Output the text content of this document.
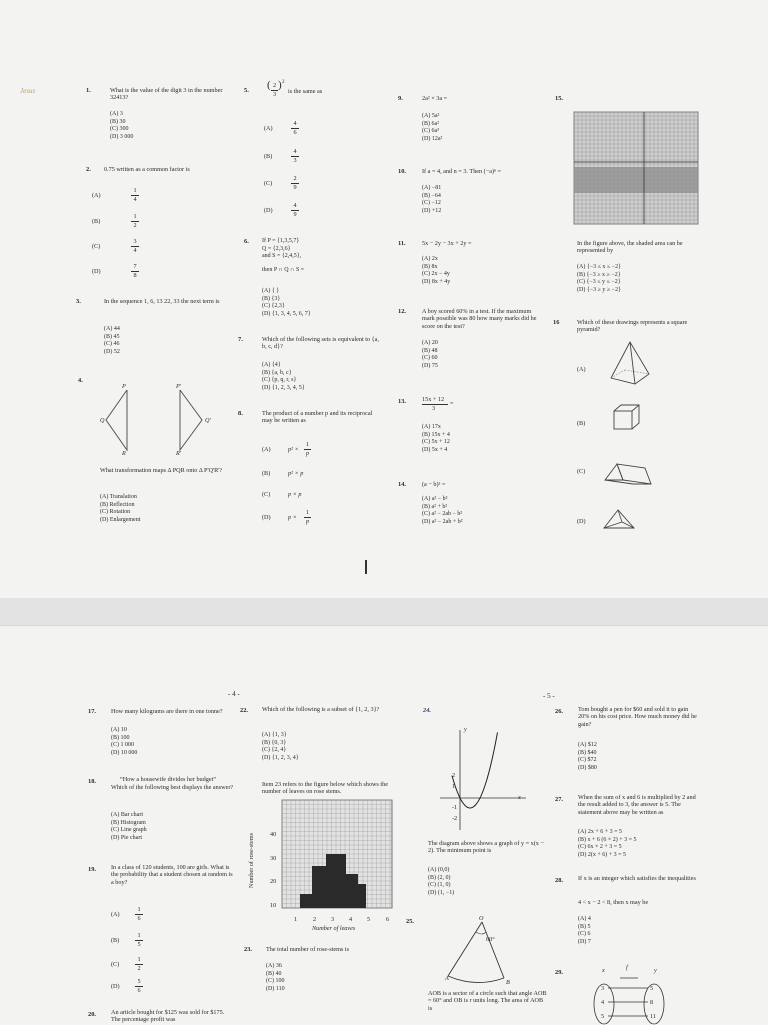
Jesus	1.	What is the value of the digit 3 in the number 32413?
(A) 3
(B) 30
(C) 300
(D) 3 000
2. 0.75 written as a common factor is
(A)
1
4
(B)
1
2
(C)
3
4
(D)
7
8
3.	In the sequence 1, 6, 13 22, 33 the next term is
(A) 44
(B) 45
(C) 46
(D) 52
4.
P
Q
R
P'
Q'
R'
What transformation maps Δ PQR onto Δ P'Q'R'?
(A) Translation
(B) Reflection
(C) Rotation
(D) Enlargement
5. ( 2
3
) 2
is the same as
(A)
4
6
(B)
4
3
(C)
2
9
(D)
4
9
6. If P = {1,3,5,7}
Q = {2,3,6}
and S = {2,4,5},
then P ∩ Q ∩ S =
(A) { }
(B) {3}
(C) {2,3}
(D) {1, 3, 4, 5, 6, 7}
7.	Which of the following sets is equivalent to {a, b, c, d}?
(A) {4}
(B) {a, b, c}
(C) {p, q, r, s}
(D) {1, 2, 3, 4, 5}
8.	The product of a number p and its reciprocal may be written as
(A)	p² ×
1
p
(B)	p² × p
(C)	p × p
(D)	p ×
1
p
9.	2a² × 3a =
(A) 5a²
(B) 6a²
(C) 6a³
(D) 12a²
10.	If a = 4, and n = 3. Then (−a)ⁿ =
(A) −81
(B) −64
(C) −12
(D) +12
11.	5x − 2y − 3x + 2y =
(A) 2x
(B) 8x
(C) 2x − 4y
(D) 8x + 4y
12.	A boy scored 60% in a test. If the maximum mark possible was 80 how many marks did he score on the test?
(A) 20
(B) 48
(C) 60
(D) 75
13.	15x + 12
3
=
(A) 17x
(B) 15x + 4
(C) 5x + 12
(D) 5x + 4
14.	(a − b)² =
(A) a² − b²
(B) a² + b²
(C) a² − 2ab − b²
(D) a² − 2ab + b²
15.
In the figure above, the shaded area can be represented by
(A) {−3 ≤ x ≤ −2}
(B) {−3 ≥ x ≥ −2}
(C) {−3 ≤ y ≤ −2}
(D) {−3 ≥ y ≥ −2}
16	Which of these drawings represents a square pyramid?
(A)
(B)
(C)
(D)
- 4 -	- 5 -
17. How many kilograms are there in one tonne?
(A) 10
(B) 100
(C) 1 000
(D) 10 000
18.	“How a housewife divides her budget”
Which of the following best displays the answer?
(A) Bar chart
(B) Histogram
(C) Line graph
(D) Pie chart
19. In a class of 120 students, 100 are girls. What is the probability that a student chosen at random is a boy?
(A)
1
6
(B)
1
5
(C)
1
2
(D)
5
6
20. An article bought for $125 was sold for $175. The percentage profit was
22. Which of the following is a subset of {1, 2, 3}?
(A) {1, 3}
(B) {0, 3}
(C) {2, 4}
(D) {1, 2, 3, 4}
Item 23 refers to the figure below which shows the number of leaves on rose stems.
Number of rose-stems 40
30
20
10
1	2 3 4 5	6
Number of leaves
23. The total number of rose-stems is
(A) 36
(B) 40
(C) 100
(D) 110
24.
y
x
2
1
-1
-2
The diagram above shows a graph of y = x(x − 2). The minimum point is
(A) (0,0)
(B) (2, 0)
(C) (1, 0)
(D) (1, −1)
25.	O
A
B
60°
AOB is a sector of a circle such that angle AOB = 60° and OB is r units long. The area of AOB is
26. Tom bought a pen for $60 and sold it to gain 20% on his cost price. How much money did he gain?
(A) $12
(B) $40
(C) $72
(D) $80
27. When the sum of x and 6 is multiplied by 2 and the result added to 3, the answer is 5. The statement above may be written as
(A) 2x + 6 + 3 = 5
(B) x + 6 (6 × 2) + 3 = 5
(C) 6x × 2 + 3 = 5
(D) 2(x + 6) + 3 = 5
28. If x is an integer which satisfies the inequalities
4 < x − 2 < 8, then x may be
(A) 4
(B) 5
(C) 6
(D) 7
29.	x	f	y
3
4
5
5
8
11
